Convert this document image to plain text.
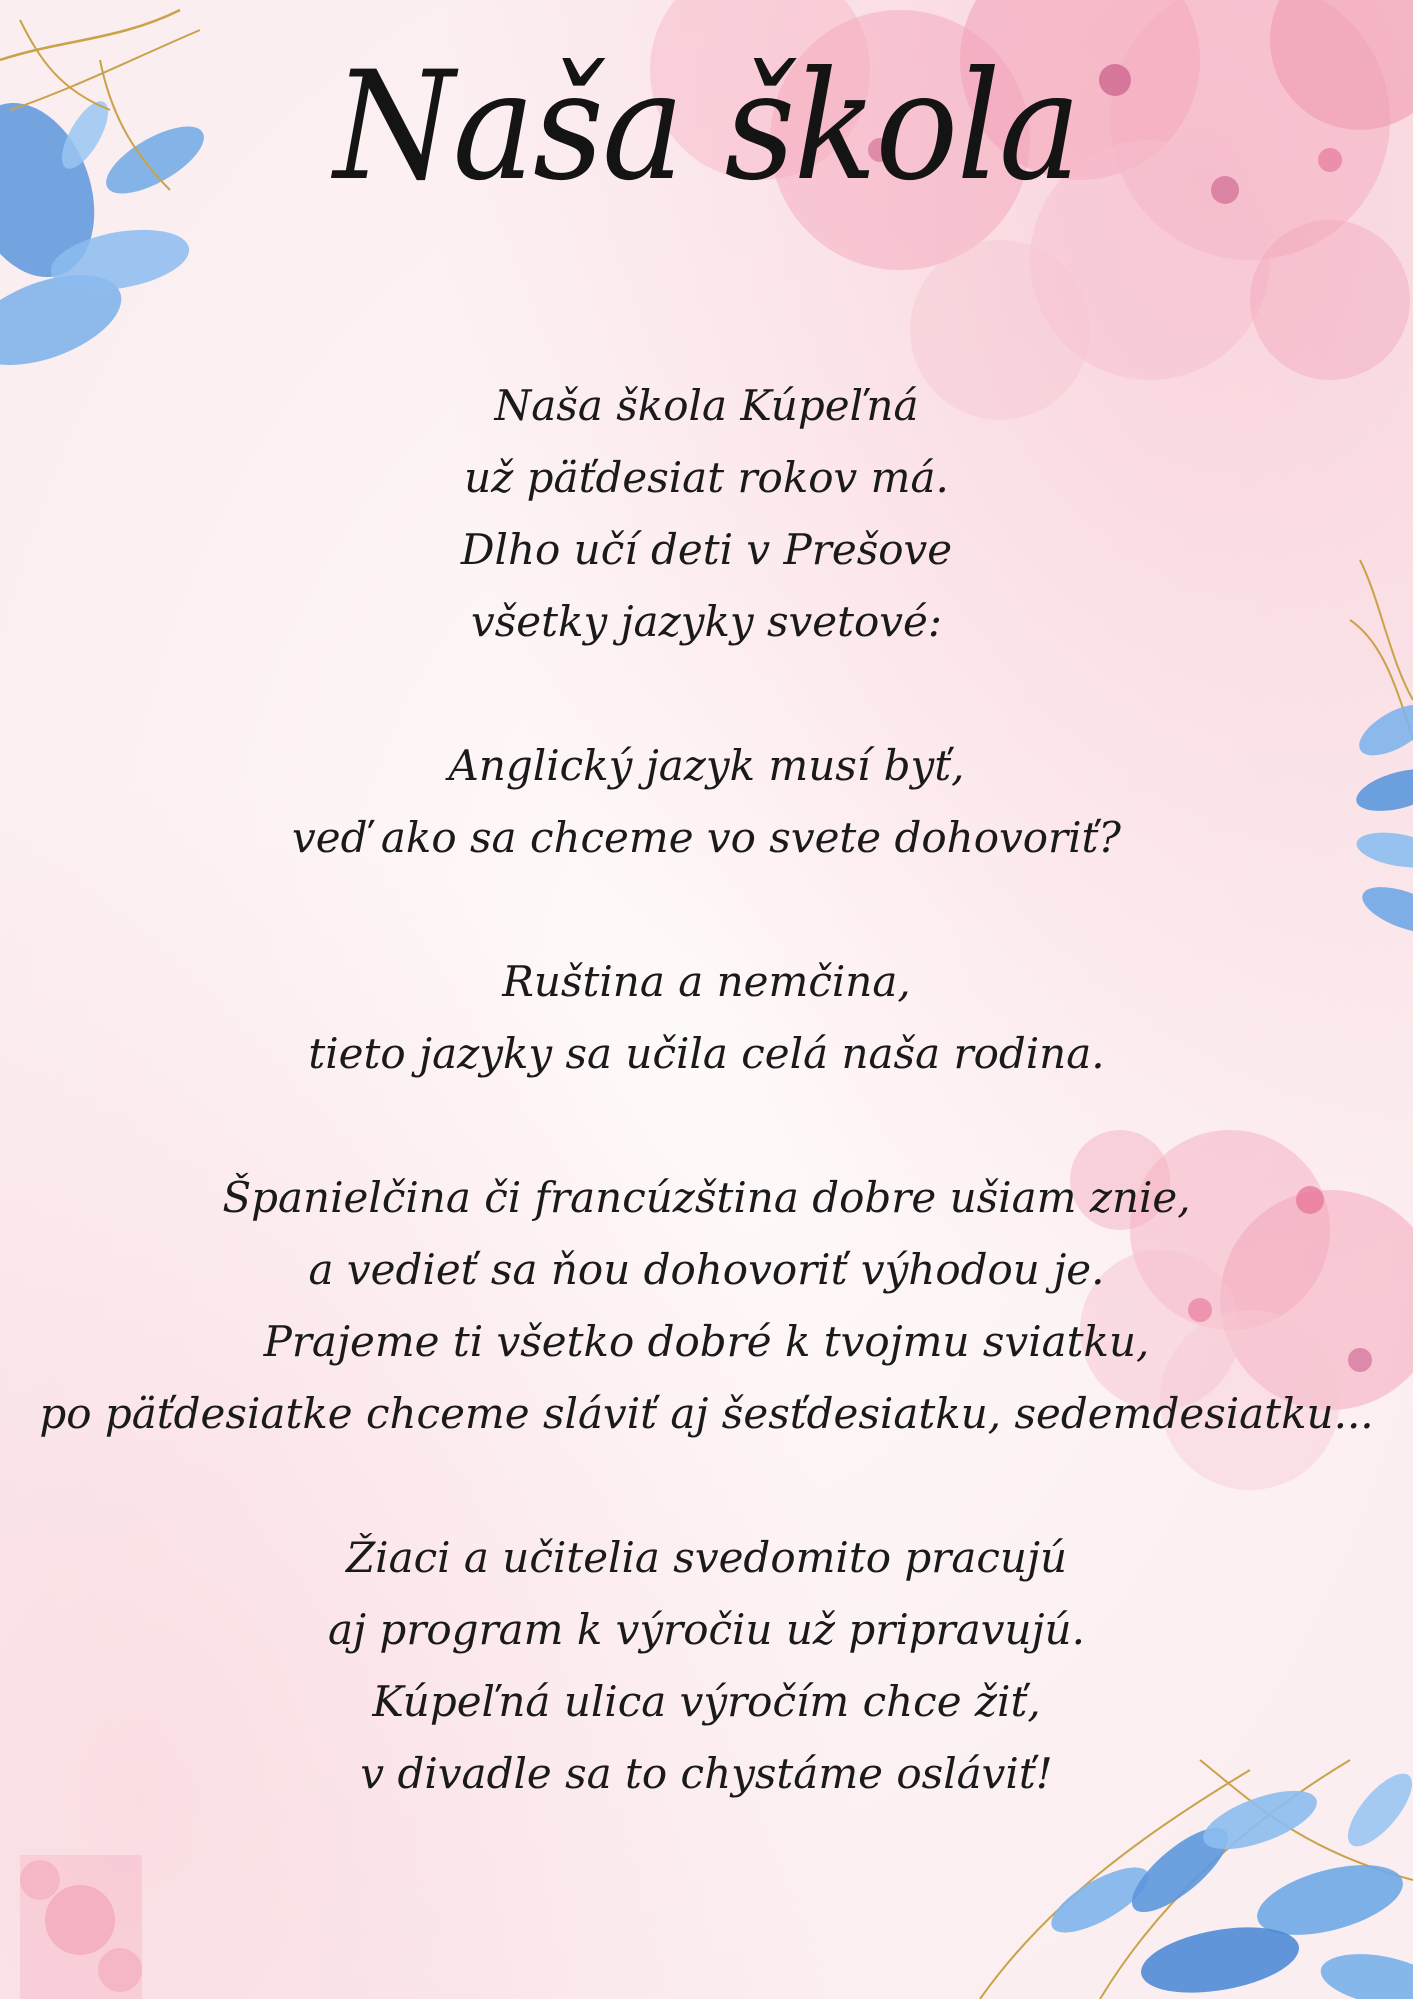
Naša škola
Naša škola Kúpeľná
už päťdesiat rokov má.
Dlho učí deti v Prešove
všetky jazyky svetové:
Anglický jazyk musí byť,
veď ako sa chceme vo svete dohovoriť?
Ruština a nemčina,
tieto jazyky sa učila celá naša rodina.
Španielčina či francúzština dobre ušiam znie,
a vedieť sa ňou dohovoriť výhodou je.
Prajeme ti všetko dobré k tvojmu sviatku,
po päťdesiatke chceme sláviť aj šesťdesiatku, sedemdesiatku...
Žiaci a učitelia svedomito pracujú
aj program k výročiu už pripravujú.
Kúpeľná ulica výročím chce žiť,
v divadle sa to chystáme osláviť!
